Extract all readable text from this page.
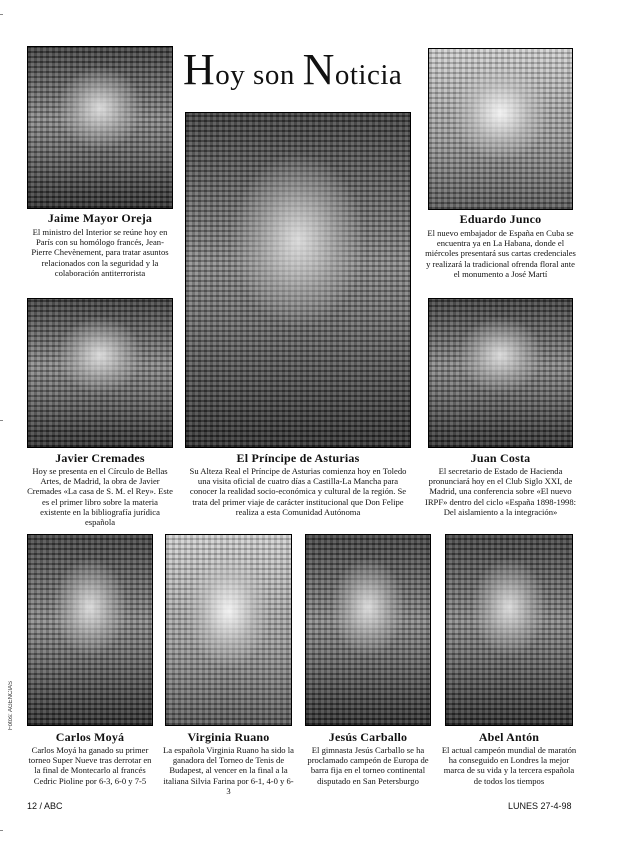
Hoy son Noticia
Jaime Mayor Oreja
El ministro del Interior se reúne hoy en París con su homólogo francés, Jean-Pierre Chevènement, para tratar asuntos relacionados con la seguridad y la colaboración antiterrorista
El Príncipe de Asturias
Su Alteza Real el Príncipe de Asturias comienza hoy en Toledo una visita oficial de cuatro días a Castilla-La Mancha para conocer la realidad socio-económica y cultural de la región. Se trata del primer viaje de carácter institucional que Don Felipe realiza a esta Comunidad Autónoma
Eduardo Junco
El nuevo embajador de España en Cuba se encuentra ya en La Habana, donde el miércoles presentará sus cartas credenciales y realizará la tradicional ofrenda floral ante el monumento a José Martí
Javier Cremades
Hoy se presenta en el Círculo de Bellas Artes, de Madrid, la obra de Javier Cremades «La casa de S. M. el Rey». Este es el primer libro sobre la materia existente en la bibliografía jurídica española
Juan Costa
El secretario de Estado de Hacienda pronunciará hoy en el Club Siglo XXI, de Madrid, una conferencia sobre «El nuevo IRPF» dentro del ciclo «España 1898-1998: Del aislamiento a la integración»
Carlos Moyá
Carlos Moyá ha ganado su primer torneo Super Nueve tras derrotar en la final de Montecarlo al francés Cedric Pioline por 6-3, 6-0 y 7-5
Virginia Ruano
La española Virginia Ruano ha sido la ganadora del Torneo de Tenis de Budapest, al vencer en la final a la italiana Silvia Farina por 6-1, 4-0 y 6-3
Jesús Carballo
El gimnasta Jesús Carballo se ha proclamado campeón de Europa de barra fija en el torneo continental disputado en San Petersburgo
Abel Antón
El actual campeón mundial de maratón ha conseguido en Londres la mejor marca de su vida y la tercera española de todos los tiempos
Fotos: AGENCIAS
12 / ABC	LUNES 27-4-98
